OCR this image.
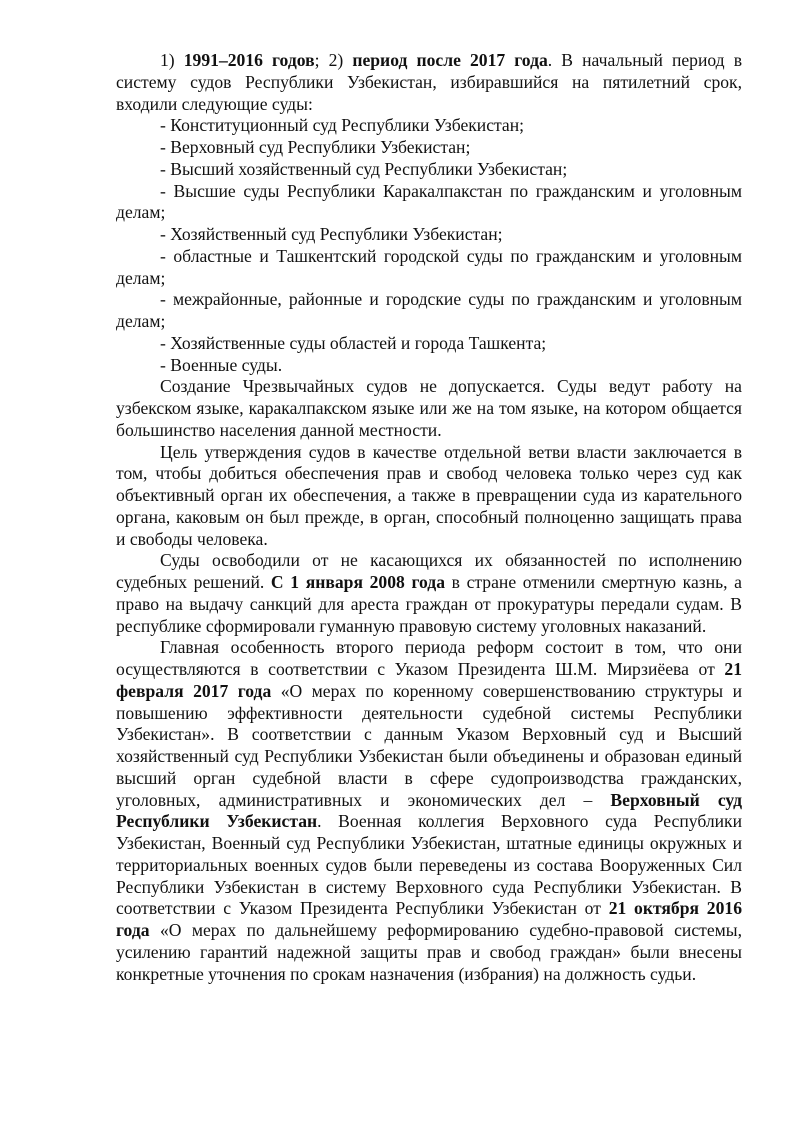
1) 1991–2016 годов; 2) период после 2017 года. В начальный период в систему судов Республики Узбекистан, избиравшийся на пятилетний срок, входили следующие суды:

- Конституционный суд Республики Узбекистан;

- Верховный суд Республики Узбекистан;

- Высший хозяйственный суд Республики Узбекистан;

- Высшие суды Республики Каракалпакстан по гражданским и уголовным делам;

- Хозяйственный суд Республики Узбекистан;

- областные и Ташкентский городской суды по гражданским и уголовным делам;

- межрайонные, районные и городские суды по гражданским и уголовным делам;

- Хозяйственные суды областей и города Ташкента;

- Военные суды.

Создание Чрезвычайных судов не допускается. Суды ведут работу на узбекском языке, каракалпакском языке или же на том языке, на котором общается большинство населения данной местности.

Цель утверждения судов в качестве отдельной ветви власти заключается в том, чтобы добиться обеспечения прав и свобод человека только через суд как объективный орган их обеспечения, а также в превращении суда из карательного органа, каковым он был прежде, в орган, способный полноценно защищать права и свободы человека.

Суды освободили от не касающихся их обязанностей по исполнению судебных решений. С 1 января 2008 года в стране отменили смертную казнь, а право на выдачу санкций для ареста граждан от прокуратуры передали судам. В республике сформировали гуманную правовую систему уголовных наказаний.

Главная особенность второго периода реформ состоит в том, что они осуществляются в соответствии с Указом Президента Ш.М. Мирзиёева от 21 февраля 2017 года «О мерах по коренному совершенствованию структуры и повышению эффективности деятельности судебной системы Республики Узбекистан». В соответствии с данным Указом Верховный суд и Высший хозяйственный суд Республики Узбекистан были объединены и образован единый высший орган судебной власти в сфере судопроизводства гражданских, уголовных, административных и экономических дел – Верховный суд Республики Узбекистан. Военная коллегия Верховного суда Республики Узбекистан, Военный суд Республики Узбекистан, штатные единицы окружных и территориальных военных судов были переведены из состава Вооруженных Сил Республики Узбекистан в систему Верховного суда Республики Узбекистан. В соответствии с Указом Президента Республики Узбекистан от 21 октября 2016 года «О мерах по дальнейшему реформированию судебно-правовой системы, усилению гарантий надежной защиты прав и свобод граждан» были внесены конкретные уточнения по срокам назначения (избрания) на должность судьи.
